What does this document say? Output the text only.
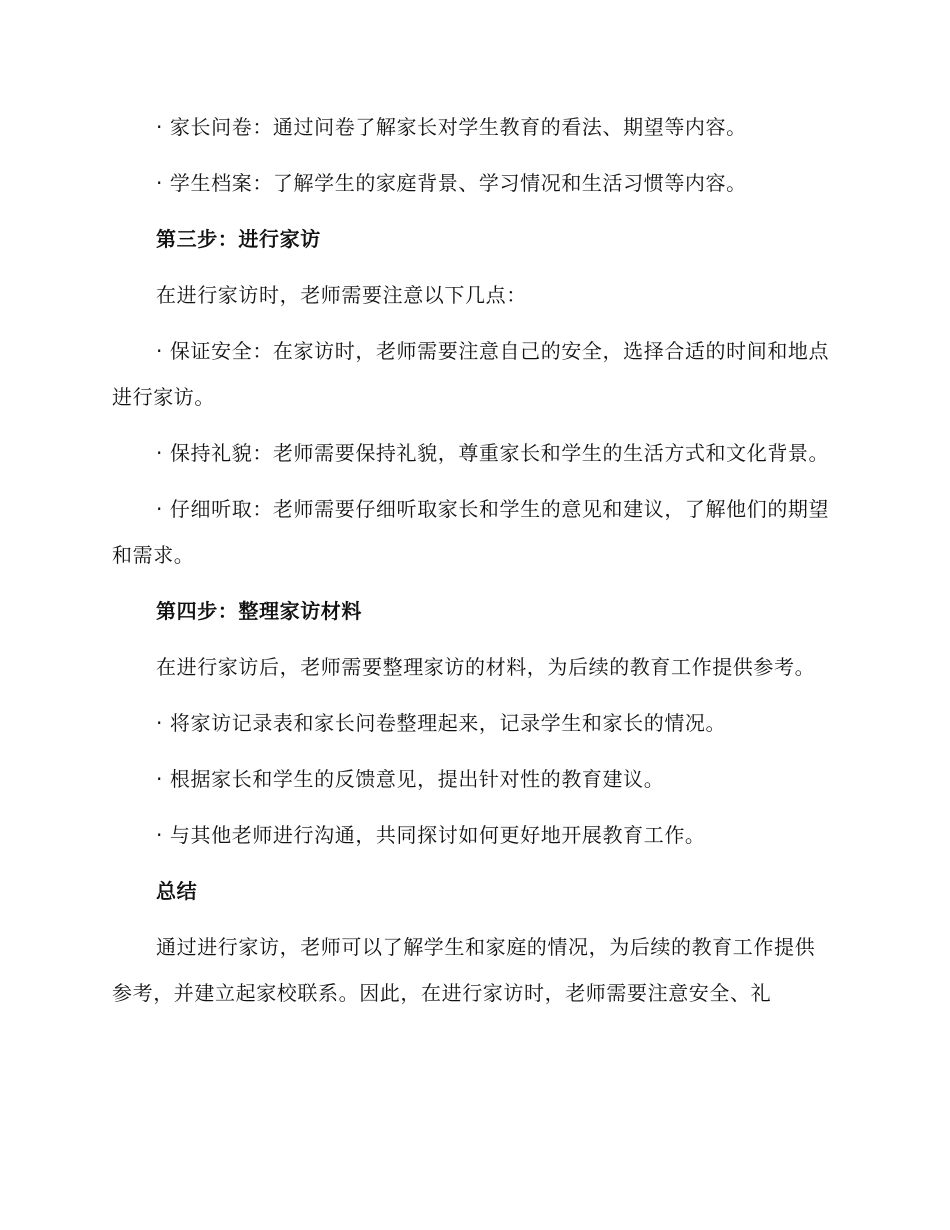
· 家长问卷：通过问卷了解家长对学生教育的看法、期望等内容。

· 学生档案：了解学生的家庭背景、学习情况和生活习惯等内容。

第三步：进行家访

在进行家访时，老师需要注意以下几点：

· 保证安全：在家访时，老师需要注意自己的安全，选择合适的时间和地点进行家访。

· 保持礼貌：老师需要保持礼貌，尊重家长和学生的生活方式和文化背景。

· 仔细听取：老师需要仔细听取家长和学生的意见和建议，了解他们的期望和需求。

第四步：整理家访材料

在进行家访后，老师需要整理家访的材料，为后续的教育工作提供参考。

· 将家访记录表和家长问卷整理起来，记录学生和家长的情况。

· 根据家长和学生的反馈意见，提出针对性的教育建议。

· 与其他老师进行沟通，共同探讨如何更好地开展教育工作。

总结

通过进行家访，老师可以了解学生和家庭的情况，为后续的教育工作提供参考，并建立起家校联系。因此，在进行家访时，老师需要注意安全、礼
